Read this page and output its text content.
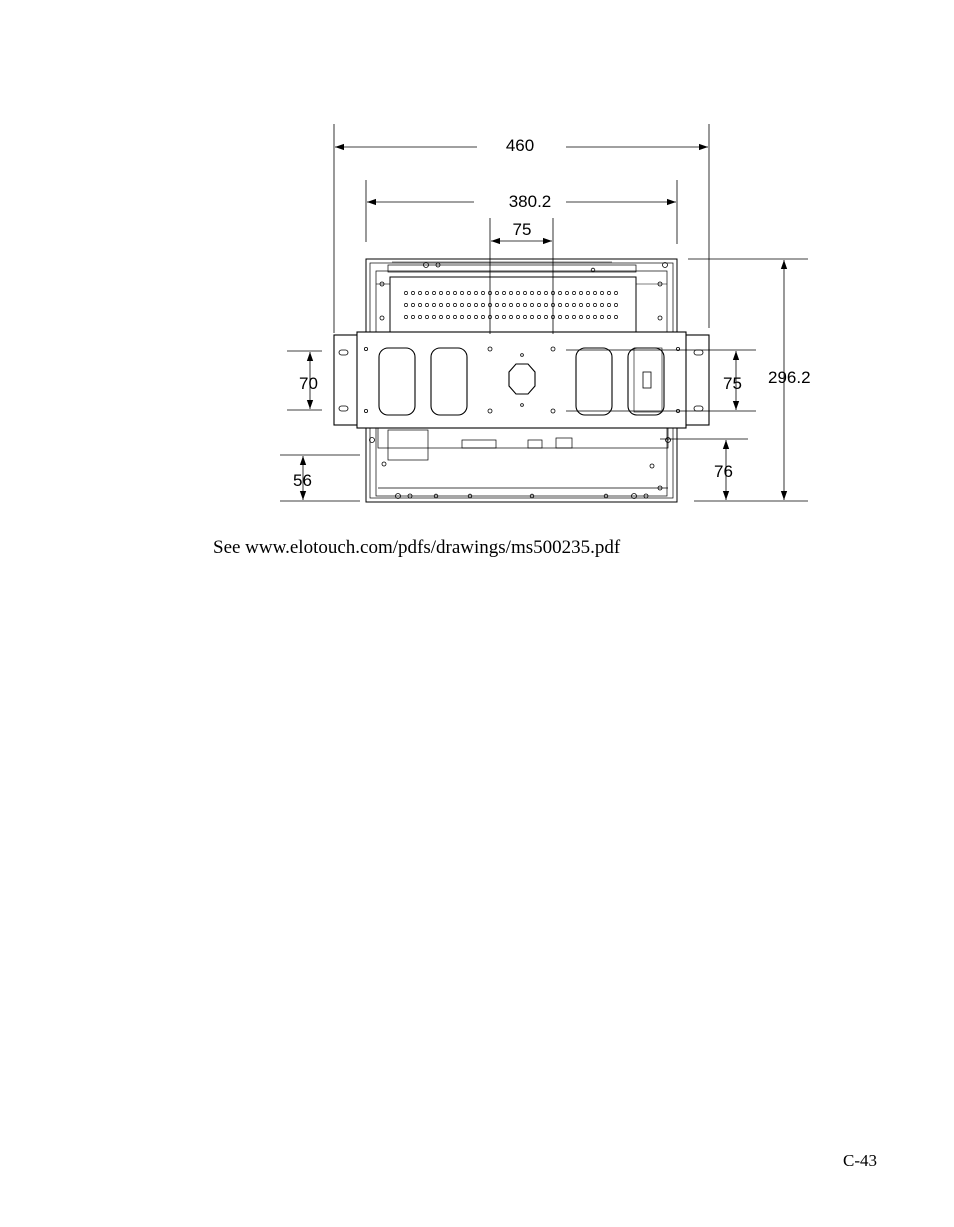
460
380.2
75
70	75 296.2
56	76

See www.elotouch.com/pdfs/drawings/ms500235.pdf

C-43
